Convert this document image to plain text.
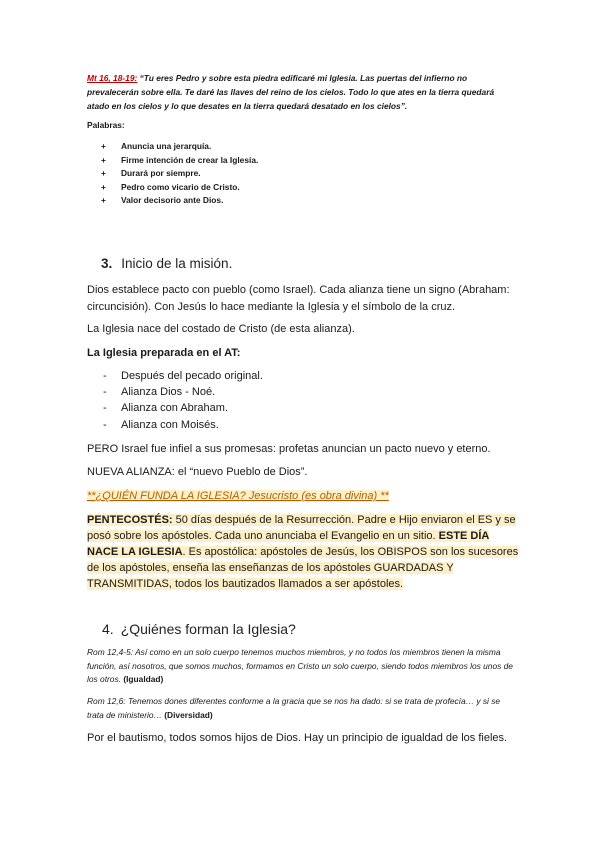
Mt 16, 18-19: “Tu eres Pedro y sobre esta piedra edificaré mi Iglesia. Las puertas del infierno no prevalecerán sobre ella. Te daré las llaves del reino de los cielos. Todo lo que ates en la tierra quedará atado en los cielos y lo que desates en la tierra quedará desatado en los cielos”.
Palabras:
+ Anuncia una jerarquía.
+ Firme intención de crear la Iglesia.
+ Durará por siempre.
+ Pedro como vicario de Cristo.
+ Valor decisorio ante Dios.
3. Inicio de la misión.
Dios establece pacto con pueblo (como Israel). Cada alianza tiene un signo (Abraham: circuncisión). Con Jesús lo hace mediante la Iglesia y el símbolo de la cruz.
La Iglesia nace del costado de Cristo (de esta alianza).
La Iglesia preparada en el AT:
- Después del pecado original.
- Alianza Dios - Noé.
- Alianza con Abraham.
- Alianza con Moisés.
PERO Israel fue infiel a sus promesas: profetas anuncian un pacto nuevo y eterno.
NUEVA ALIANZA: el “nuevo Pueblo de Dios”.
**¿QUIÉN FUNDA LA IGLESIA? Jesucristo (es obra divina) **
PENTECOSTÉS: 50 días después de la Resurrección. Padre e Hijo enviaron el ES y se posó sobre los apóstoles. Cada uno anunciaba el Evangelio en un sitio. ESTE DÍA NACE LA IGLESIA. Es apostólica: apóstoles de Jesús, los OBISPOS son los sucesores de los apóstoles, enseña las enseñanzas de los apóstoles GUARDADAS Y TRANSMITIDAS, todos los bautizados llamados a ser apóstoles.
4. ¿Quiénes forman la Iglesia?
Rom 12,4-5: Así como en un solo cuerpo tenemos muchos miembros, y no todos los miembros tienen la misma función, así nosotros, que somos muchos, formamos en Cristo un solo cuerpo, siendo todos miembros los unos de los otros. (Igualdad)
Rom 12,6: Tenemos dones diferentes conforme a la gracia que se nos ha dado: si se trata de profecía… y si se trata de ministerio… (Diversidad)
Por el bautismo, todos somos hijos de Dios. Hay un principio de igualdad de los fieles.
